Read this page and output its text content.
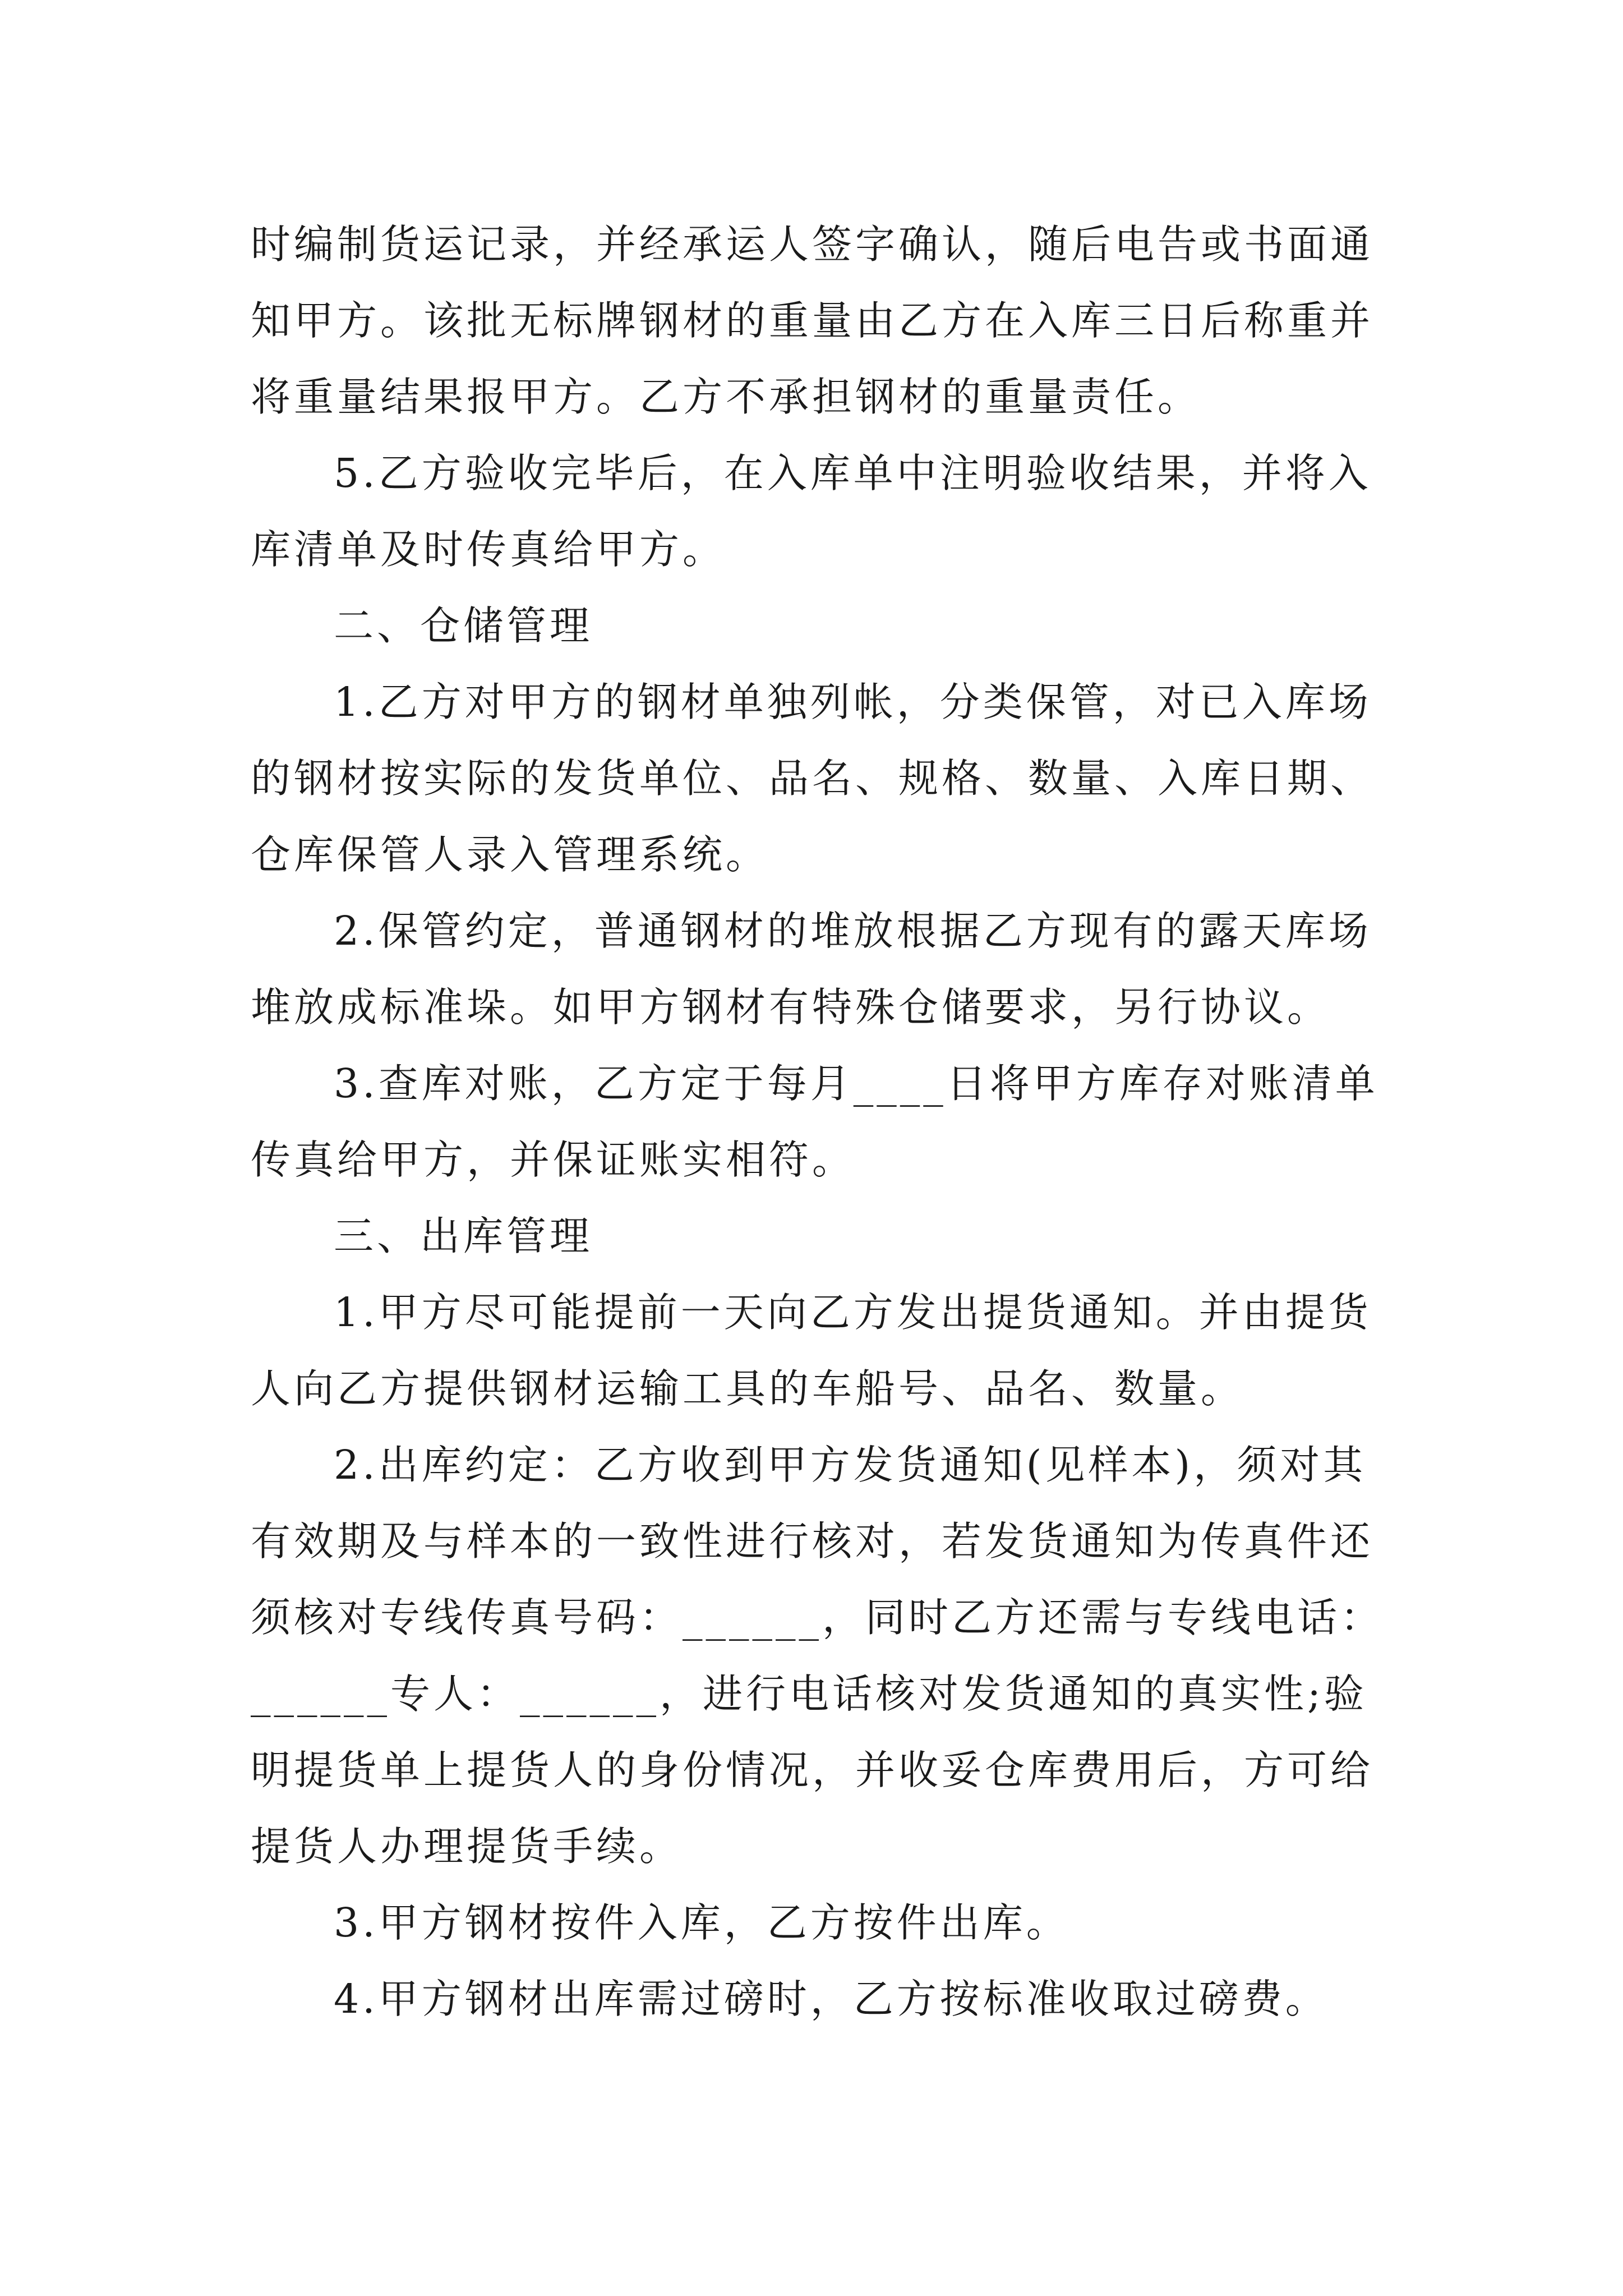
时编制货运记录，并经承运人签字确认，随后电告或书面通
知甲方。该批无标牌钢材的重量由乙方在入库三日后称重并
将重量结果报甲方。乙方不承担钢材的重量责任。
5.乙方验收完毕后，在入库单中注明验收结果，并将入
库清单及时传真给甲方。
二、仓储管理
1.乙方对甲方的钢材单独列帐，分类保管，对已入库场
的钢材按实际的发货单位、品名、规格、数量、入库日期、
仓库保管人录入管理系统。
2.保管约定，普通钢材的堆放根据乙方现有的露天库场
堆放成标准垛。如甲方钢材有特殊仓储要求，另行协议。
3.查库对账，乙方定于每月____日将甲方库存对账清单
传真给甲方，并保证账实相符。
三、出库管理
1.甲方尽可能提前一天向乙方发出提货通知。并由提货
人向乙方提供钢材运输工具的车船号、品名、数量。
2.出库约定：乙方收到甲方发货通知(见样本)，须对其
有效期及与样本的一致性进行核对，若发货通知为传真件还
须核对专线传真号码：______，同时乙方还需与专线电话：
______专人：______，进行电话核对发货通知的真实性;验
明提货单上提货人的身份情况，并收妥仓库费用后，方可给
提货人办理提货手续。
3.甲方钢材按件入库，乙方按件出库。
4.甲方钢材出库需过磅时，乙方按标准收取过磅费。
